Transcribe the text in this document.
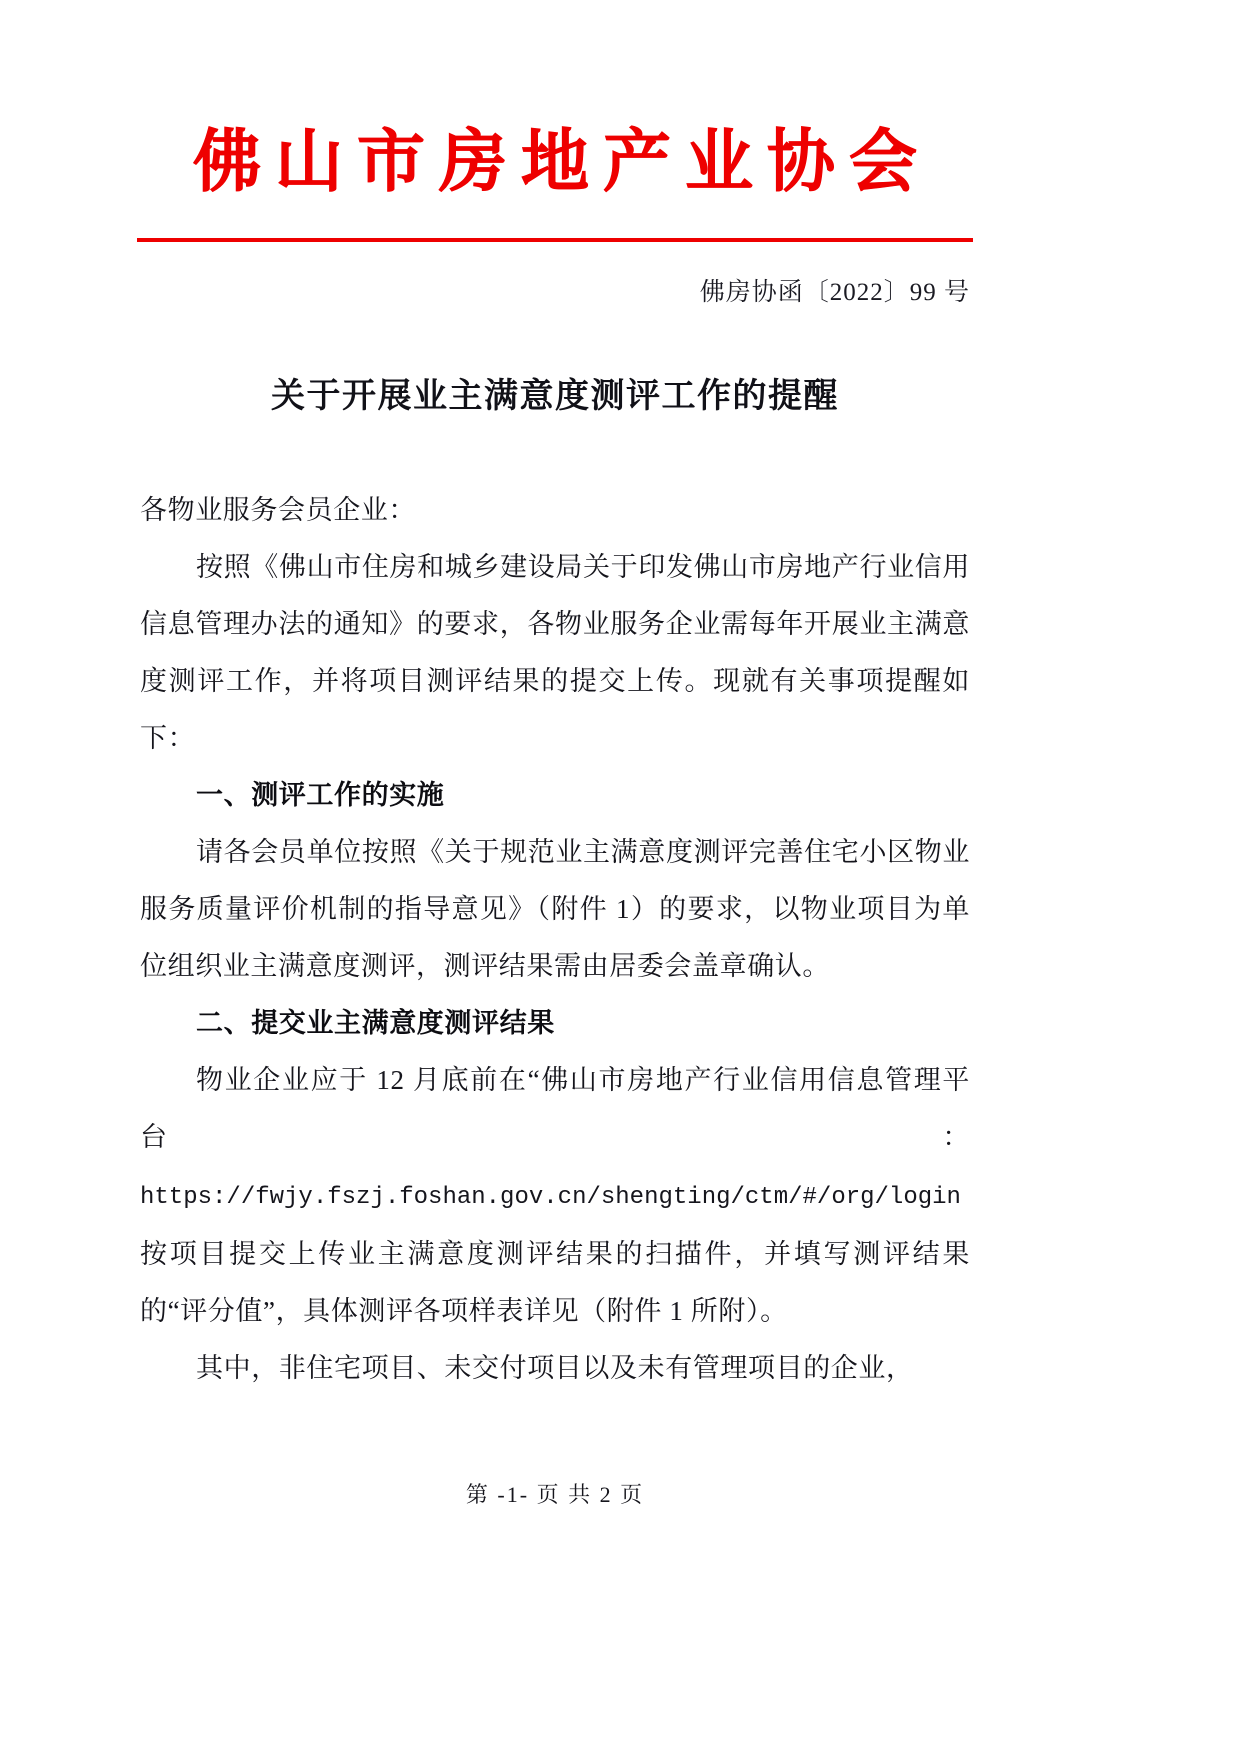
佛山市房地产业协会
佛房协函〔2022〕99 号
关于开展业主满意度测评工作的提醒

各物业服务会员企业：

按照《佛山市住房和城乡建设局关于印发佛山市房地产行业信用信息管理办法的通知》的要求，各物业服务企业需每年开展业主满意度测评工作，并将项目测评结果的提交上传。现就有关事项提醒如下：

一、测评工作的实施

请各会员单位按照《关于规范业主满意度测评完善住宅小区物业服务质量评价机制的指导意见》（附件 1）的要求，以物业项目为单位组织业主满意度测评，测评结果需由居委会盖章确认。

二、提交业主满意度测评结果

物业企业应于 12 月底前在“佛山市房地产行业信用信息管理平台：https://fwjy.fszj.foshan.gov.cn/shengting/ctm/#/org/login按项目提交上传业主满意度测评结果的扫描件，并填写测评结果的“评分值”，具体测评各项样表详见（附件 1 所附）。

其中，非住宅项目、未交付项目以及未有管理项目的企业，

第 -1- 页 共 2 页
